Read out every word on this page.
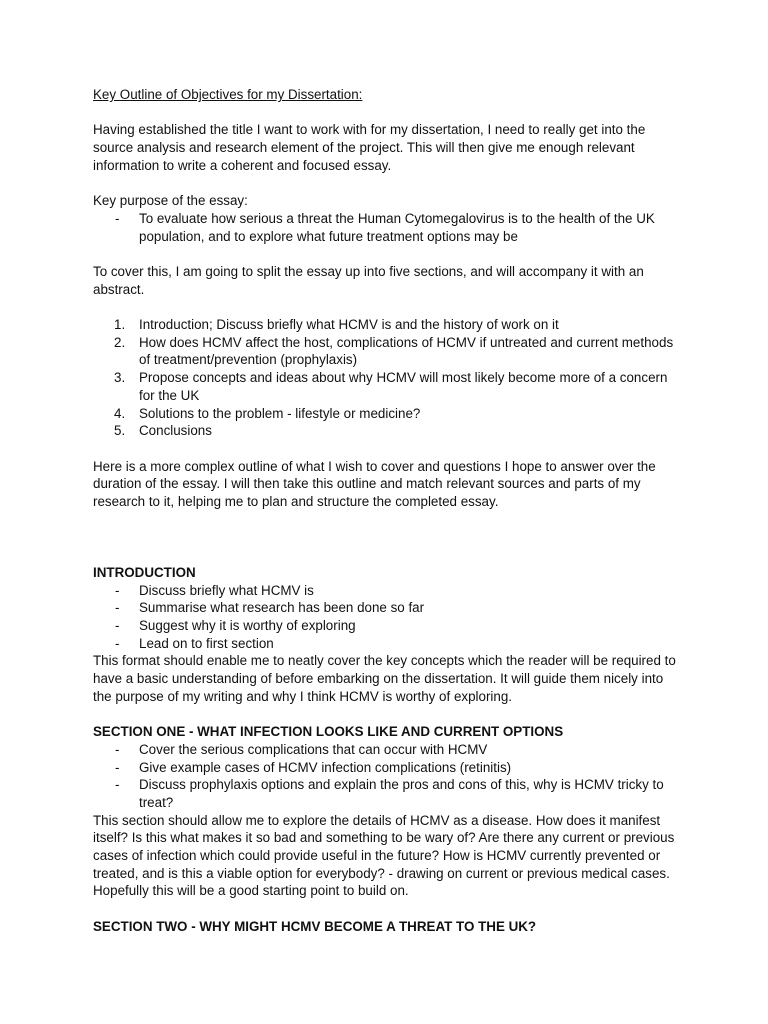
Key Outline of Objectives for my Dissertation:

Having established the title I want to work with for my dissertation, I need to really get into the source analysis and research element of the project. This will then give me enough relevant information to write a coherent and focused essay.

Key purpose of the essay:

- To evaluate how serious a threat the Human Cytomegalovirus is to the health of the UK population, and to explore what future treatment options may be

To cover this, I am going to split the essay up into five sections, and will accompany it with an abstract.

1. Introduction; Discuss briefly what HCMV is and the history of work on it
2. How does HCMV affect the host, complications of HCMV if untreated and current methods of treatment/prevention (prophylaxis)
3. Propose concepts and ideas about why HCMV will most likely become more of a concern for the UK
4. Solutions to the problem - lifestyle or medicine?
5. Conclusions

Here is a more complex outline of what I wish to cover and questions I hope to answer over the duration of the essay. I will then take this outline and match relevant sources and parts of my research to it, helping me to plan and structure the completed essay.

INTRODUCTION

- Discuss briefly what HCMV is
- Summarise what research has been done so far
- Suggest why it is worthy of exploring
- Lead on to first section

This format should enable me to neatly cover the key concepts which the reader will be required to have a basic understanding of before embarking on the dissertation. It will guide them nicely into the purpose of my writing and why I think HCMV is worthy of exploring.

SECTION ONE - WHAT INFECTION LOOKS LIKE AND CURRENT OPTIONS

- Cover the serious complications that can occur with HCMV
- Give example cases of HCMV infection complications (retinitis)
- Discuss prophylaxis options and explain the pros and cons of this, why is HCMV tricky to treat?

This section should allow me to explore the details of HCMV as a disease. How does it manifest itself? Is this what makes it so bad and something to be wary of? Are there any current or previous cases of infection which could provide useful in the future? How is HCMV currently prevented or treated, and is this a viable option for everybody? - drawing on current or previous medical cases. Hopefully this will be a good starting point to build on.

SECTION TWO - WHY MIGHT HCMV BECOME A THREAT TO THE UK?
